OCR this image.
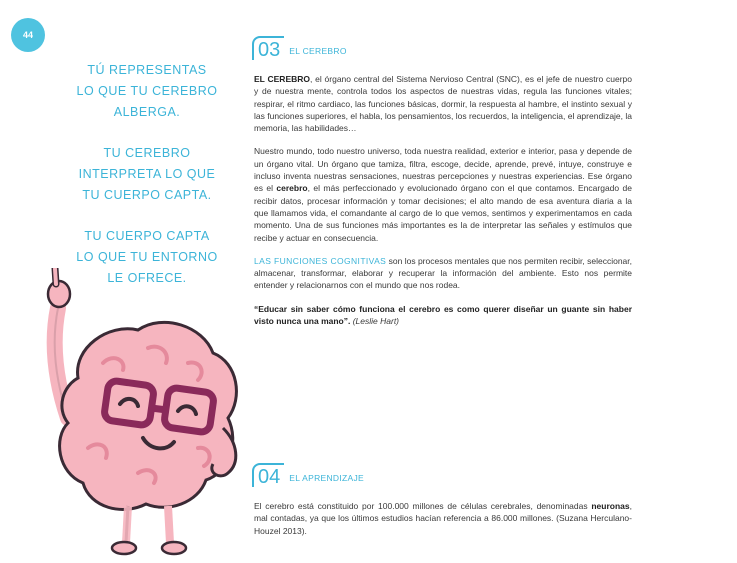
44

TÚ REPRESENTAS
LO QUE TU CEREBRO
ALBERGA.

TU CEREBRO
INTERPRETA LO QUE
TU CUERPO CAPTA.

TU CUERPO CAPTA
LO QUE TU ENTORNO
LE OFRECE.

03	EL CEREBRO

EL CEREBRO, el órgano central del Sistema Nervioso Central (SNC), es el jefe de nuestro cuerpo y de nuestra mente, controla todos los aspectos de nuestras vidas, regula las funciones vitales; respirar, el ritmo cardiaco, las funciones básicas, dormir, la respuesta al hambre, el instinto sexual y las funciones superiores, el habla, los pensamientos, los recuerdos, la inteligencia, el aprendizaje, la memoria, las habilidades…

Nuestro mundo, todo nuestro universo, toda nuestra realidad, exterior e interior, pasa y depende de un órgano vital. Un órgano que tamiza, filtra, escoge, decide, aprende, prevé, intuye, construye e incluso inventa nuestras sensaciones, nuestras percepciones y nuestras experiencias. Ese órgano es el cerebro, el más perfeccionado y evolucionado órgano con el que contamos. Encargado de recibir datos, procesar información y tomar decisiones; el alto mando de esa aventura diaria a la que llamamos vida, el comandante al cargo de lo que vemos, sentimos y experimentamos en cada momento. Una de sus funciones más importantes es la de interpretar las señales y estímulos que recibe y actuar en consecuencia.

LAS FUNCIONES COGNITIVAS son los procesos mentales que nos permiten recibir, seleccionar, almacenar, transformar, elaborar y recuperar la información del ambiente. Esto nos permite entender y relacionarnos con el mundo que nos rodea.

“Educar sin saber cómo funciona el cerebro es como querer diseñar un guante sin haber visto nunca una mano”. (Leslie Hart)

04	EL APRENDIZAJE

El cerebro está constituido por 100.000 millones de células cerebrales, denominadas neuronas, mal contadas, ya que los últimos estudios hacían referencia a 86.000 millones. (Suzana Herculano-Houzel 2013).
